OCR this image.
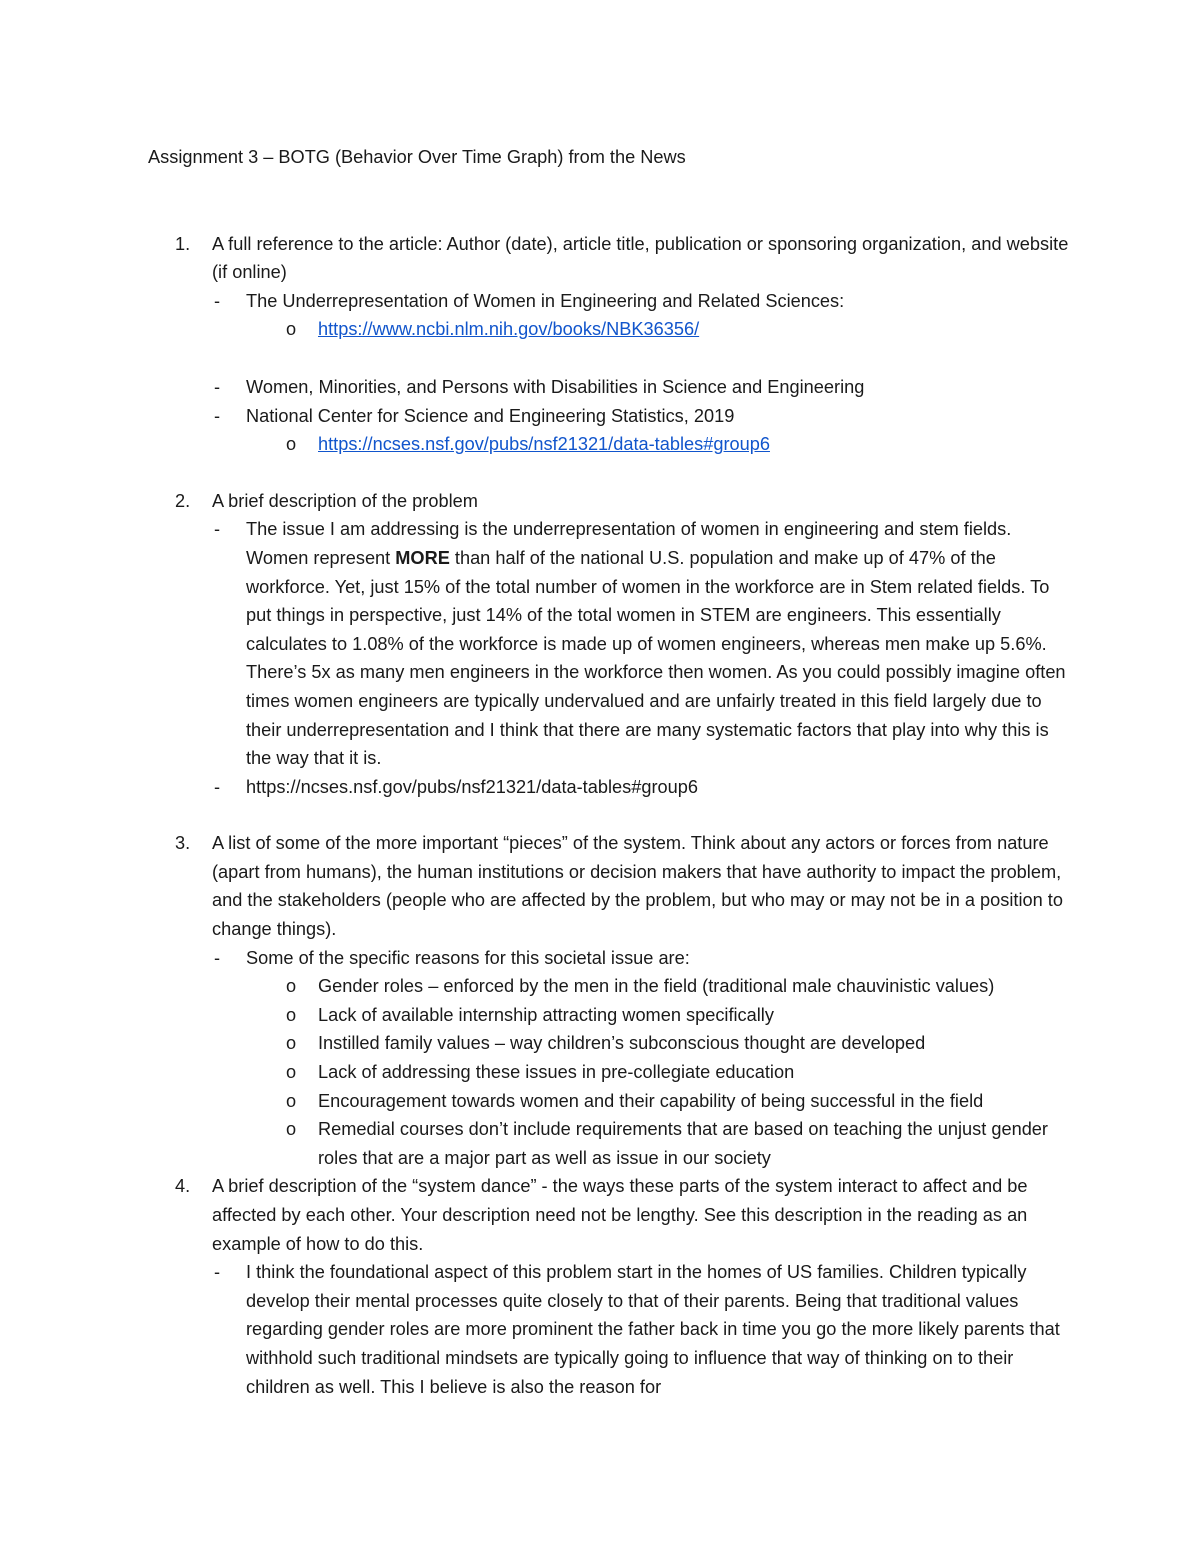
Assignment 3 – BOTG (Behavior Over Time Graph) from the News
1. A full reference to the article: Author (date), article title, publication or sponsoring organization, and website (if online)
- The Underrepresentation of Women in Engineering and Related Sciences:
o https://www.ncbi.nlm.nih.gov/books/NBK36356/
- Women, Minorities, and Persons with Disabilities in Science and Engineering
- National Center for Science and Engineering Statistics, 2019
o https://ncses.nsf.gov/pubs/nsf21321/data-tables#group6
2. A brief description of the problem
- The issue I am addressing is the underrepresentation of women in engineering and stem fields. Women represent MORE than half of the national U.S. population and make up of 47% of the workforce. Yet, just 15% of the total number of women in the workforce are in Stem related fields. To put things in perspective, just 14% of the total women in STEM are engineers. This essentially calculates to 1.08% of the workforce is made up of women engineers, whereas men make up 5.6%. There’s 5x as many men engineers in the workforce then women. As you could possibly imagine often times women engineers are typically undervalued and are unfairly treated in this field largely due to their underrepresentation and I think that there are many systematic factors that play into why this is the way that it is.
- https://ncses.nsf.gov/pubs/nsf21321/data-tables#group6
3. A list of some of the more important “pieces” of the system. Think about any actors or forces from nature (apart from humans), the human institutions or decision makers that have authority to impact the problem, and the stakeholders (people who are affected by the problem, but who may or may not be in a position to change things).
- Some of the specific reasons for this societal issue are:
o Gender roles – enforced by the men in the field (traditional male chauvinistic values)
o Lack of available internship attracting women specifically
o Instilled family values – way children’s subconscious thought are developed
o Lack of addressing these issues in pre-collegiate education
o Encouragement towards women and their capability of being successful in the field
o Remedial courses don’t include requirements that are based on teaching the unjust gender roles that are a major part as well as issue in our society
4. A brief description of the “system dance” - the ways these parts of the system interact to affect and be affected by each other. Your description need not be lengthy. See this description in the reading as an example of how to do this.
- I think the foundational aspect of this problem start in the homes of US families. Children typically develop their mental processes quite closely to that of their parents. Being that traditional values regarding gender roles are more prominent the father back in time you go the more likely parents that withhold such traditional mindsets are typically going to influence that way of thinking on to their children as well. This I believe is also the reason for
